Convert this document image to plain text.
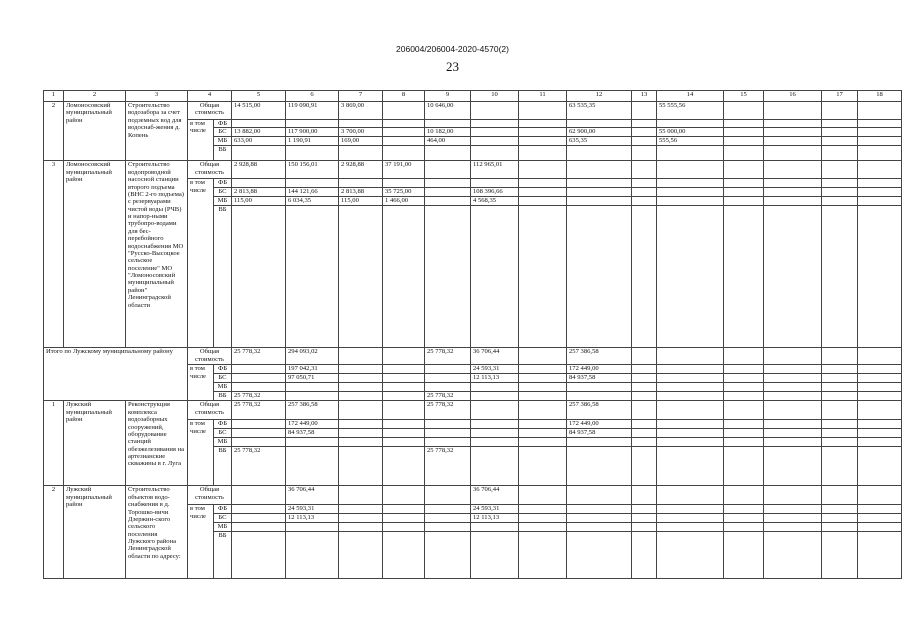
206004/206004-2020-4570(2)
23
1	2	3	4		5	6	7	8	9	10	11	12	13	14	15	16	17	18
2	Ломоносовский муниципальный район	Строительство водозабора за счет подземных вод для водоснаб-жения д. Копень	Общая стоимость		14 515,00	119 090,91	3 869,00		10 646,00			63 535,35		55 555,56				
			в том числе	ФБ														
				БС	13 882,00	117 900,00	3 700,00		10 182,00			62 900,00		55 000,00				
				МБ	633,00	1 190,91	169,00		464,00			635,35		555,56				
				ВБ														
3	Ломоносовский муниципальный район	Строительство водопроводной насосной станции второго подъема (ВНС 2-го подъема) с резервуарами чистой воды (РЧВ) и напор-ными трубопро-водами для бес-перебойного водоснабжения МО "Русско-Высоцкое сельское поселение" МО "Ломоносовский муниципальный район" Ленинградской области	Общая стоимость		2 928,88	150 156,01	2 928,88	37 191,00		112 965,01								
			в том числе	ФБ														
				БС	2 813,88	144 121,66	2 813,88	35 725,00		108 396,66								
				МБ	115,00	6 034,35	115,00	1 466,00		4 568,35								
				ВБ														
Итого по Лужскому муниципальному району			Общая стоимость		25 778,32	294 093,02			25 778,32	36 706,44		257 386,58						
			в том числе	ФБ		197 042,31				24 593,31		172 449,00						
				БС		97 050,71				12 113,13		84 937,58						
				МБ														
				ВБ	25 778,32				25 778,32									
1	Лужский муниципальный район	Реконструкция комплекса водозаборных сооружений, оборудование станций обезжелезивания на артезианские скважины в г. Луга	Общая стоимость		25 778,32	257 386,58			25 778,32			257 386,58						
			в том числе	ФБ		172 449,00						172 449,00						
				БС		84 937,58						84 937,58						
				МБ														
				ВБ	25 778,32				25 778,32									
2	Лужский муниципальный район	Строительство объектов водо-снабжения в д. Торошко-вичи Дзержин-ского сельского поселения Лужского района Ленинградской области по адресу:	Общая стоимость			36 706,44				36 706,44								
			в том числе	ФБ		24 593,31				24 593,31								
				БС		12 113,13				12 113,13								
				МБ														
				ВБ														
